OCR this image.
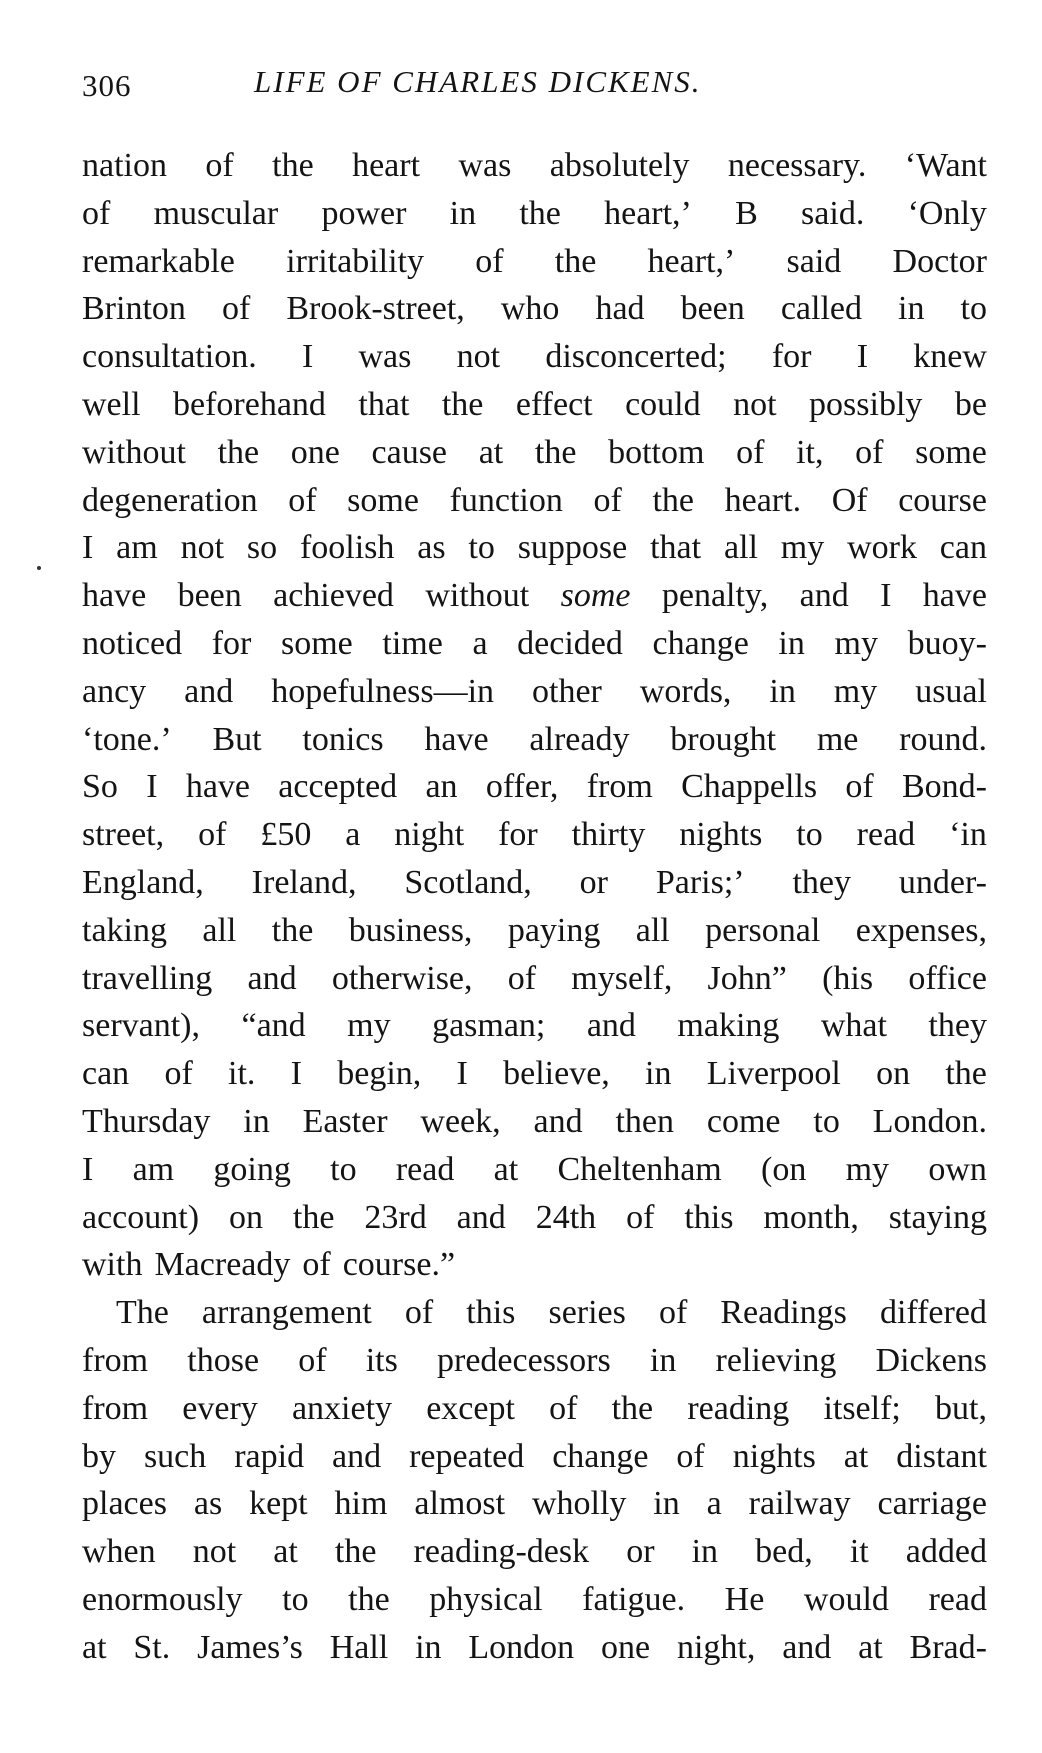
306	LIFE OF CHARLES DICKENS.
nation of the heart was absolutely necessary. ‘Want
of muscular power in the heart,’ B said. ‘Only
remarkable irritability of the heart,’ said Doctor
Brinton of Brook-street, who had been called in to
consultation. I was not disconcerted; for I knew
well beforehand that the effect could not possibly be
without the one cause at the bottom of it, of some
degeneration of some function of the heart. Of course
I am not so foolish as to suppose that all my work can
have been achieved without some penalty, and I have
noticed for some time a decided change in my buoy-
ancy and hopefulness—in other words, in my usual
‘tone.’ But tonics have already brought me round.
So I have accepted an offer, from Chappells of Bond-
street, of £50 a night for thirty nights to read ‘in
England, Ireland, Scotland, or Paris;’ they under-
taking all the business, paying all personal expenses,
travelling and otherwise, of myself, John” (his office
servant), “and my gasman; and making what they
can of it. I begin, I believe, in Liverpool on the
Thursday in Easter week, and then come to London.
I am going to read at Cheltenham (on my own
account) on the 23rd and 24th of this month, staying
with Macready of course.”
The arrangement of this series of Readings differed
from those of its predecessors in relieving Dickens
from every anxiety except of the reading itself; but,
by such rapid and repeated change of nights at distant
places as kept him almost wholly in a railway carriage
when not at the reading-desk or in bed, it added
enormously to the physical fatigue. He would read
at St. James’s Hall in London one night, and at Brad-
